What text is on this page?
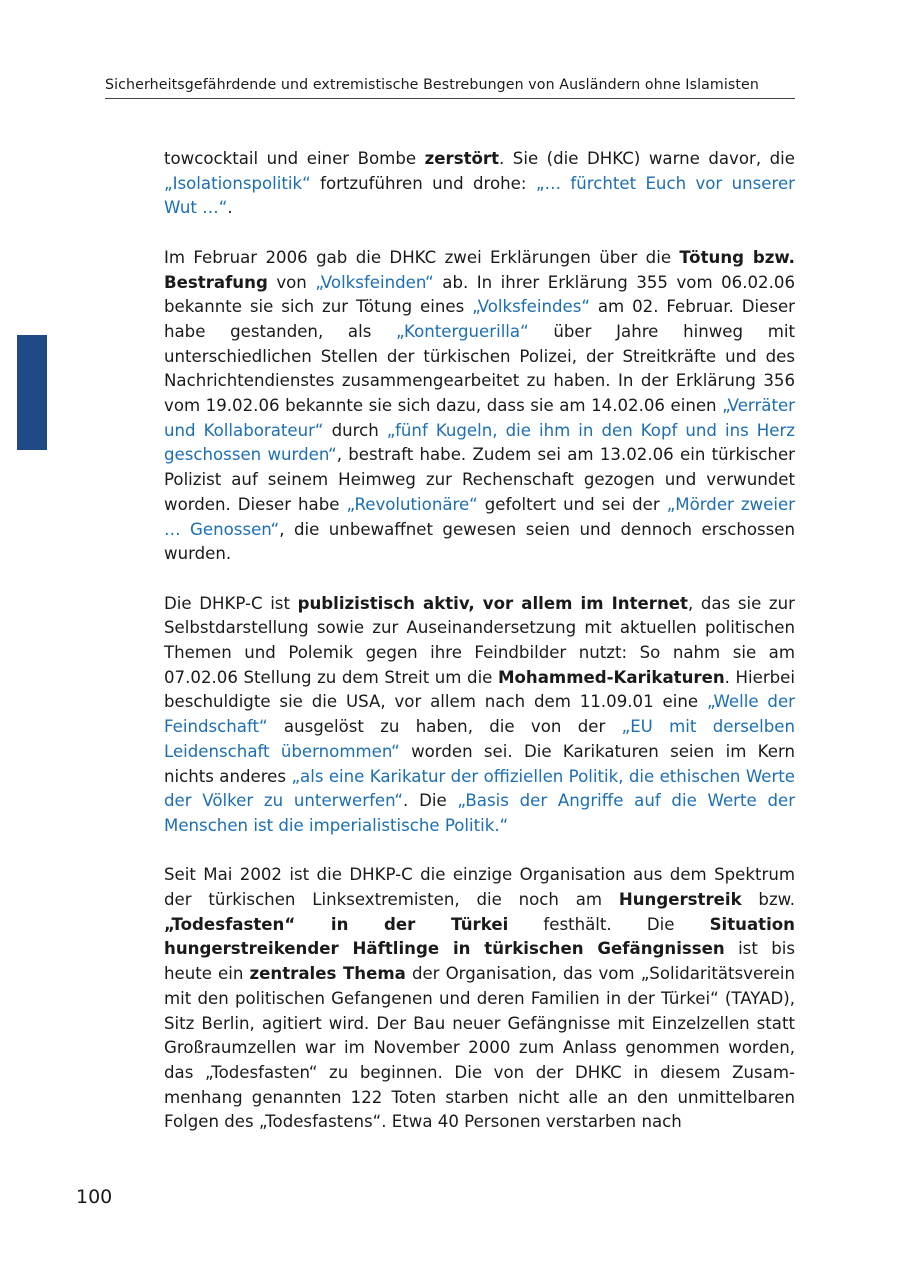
Sicherheitsgefährdende und extremistische Bestrebungen von Ausländern ohne Islamisten

towcocktail und einer Bombe zerstört. Sie (die DHKC) warne davor, die „Isolationspolitik“ fortzuführen und drohe: „… fürchtet Euch vor unserer Wut …“.

Im Februar 2006 gab die DHKC zwei Erklärungen über die Tötung bzw. Bestrafung von „Volksfeinden“ ab. In ihrer Erklärung 355 vom 06.02.06 bekannte sie sich zur Tötung eines „Volksfeindes“ am 02. Februar. Dieser habe gestanden, als „Konterguerilla“ über Jahre hinweg mit unterschiedlichen Stellen der türkischen Polizei, der Streitkräfte und des Nachrichtendienstes zusammengearbeitet zu haben. In der Erklärung 356 vom 19.02.06 bekannte sie sich dazu, dass sie am 14.02.06 einen „Verräter und Kollaborateur“ durch „fünf Kugeln, die ihm in den Kopf und ins Herz geschossen wurden“, bestraft habe. Zudem sei am 13.02.06 ein türkischer Polizist auf seinem Heimweg zur Rechenschaft gezogen und verwundet worden. Dieser habe „Revolutionäre“ gefoltert und sei der „Mörder zweier … Genossen“, die unbewaffnet gewesen seien und dennoch erschossen wurden.

Die DHKP-C ist publizistisch aktiv, vor allem im Internet, das sie zur Selbstdarstellung sowie zur Auseinandersetzung mit aktuellen politischen Themen und Polemik gegen ihre Feindbilder nutzt: So nahm sie am 07.02.06 Stellung zu dem Streit um die Mohammed-Karikaturen. Hierbei beschuldigte sie die USA, vor allem nach dem 11.09.01 eine „Welle der Feindschaft“ ausgelöst zu haben, die von der „EU mit derselben Leidenschaft übernommen“ worden sei. Die Karikaturen seien im Kern nichts anderes „als eine Karikatur der offiziellen Politik, die ethischen Werte der Völker zu unterwerfen“. Die „Basis der Angriffe auf die Werte der Menschen ist die imperialistische Politik.“

Seit Mai 2002 ist die DHKP-C die einzige Organisation aus dem Spektrum der türkischen Linksextremisten, die noch am Hungerstreik bzw. „Todesfasten“ in der Türkei festhält. Die Situation hungerstreikender Häftlinge in türkischen Gefängnissen ist bis heute ein zentrales Thema der Organisation, das vom „Solidaritätsverein mit den politischen Gefangenen und deren Familien in der Türkei“ (TAYAD), Sitz Berlin, agitiert wird. Der Bau neuer Gefängnisse mit Einzelzellen statt Großraumzellen war im November 2000 zum Anlass genommen worden, das „Todesfasten“ zu beginnen. Die von der DHKC in diesem Zusammenhang genannten 122 Toten starben nicht alle an den unmittelbaren Folgen des „Todesfastens“. Etwa 40 Personen verstarben nach

100
